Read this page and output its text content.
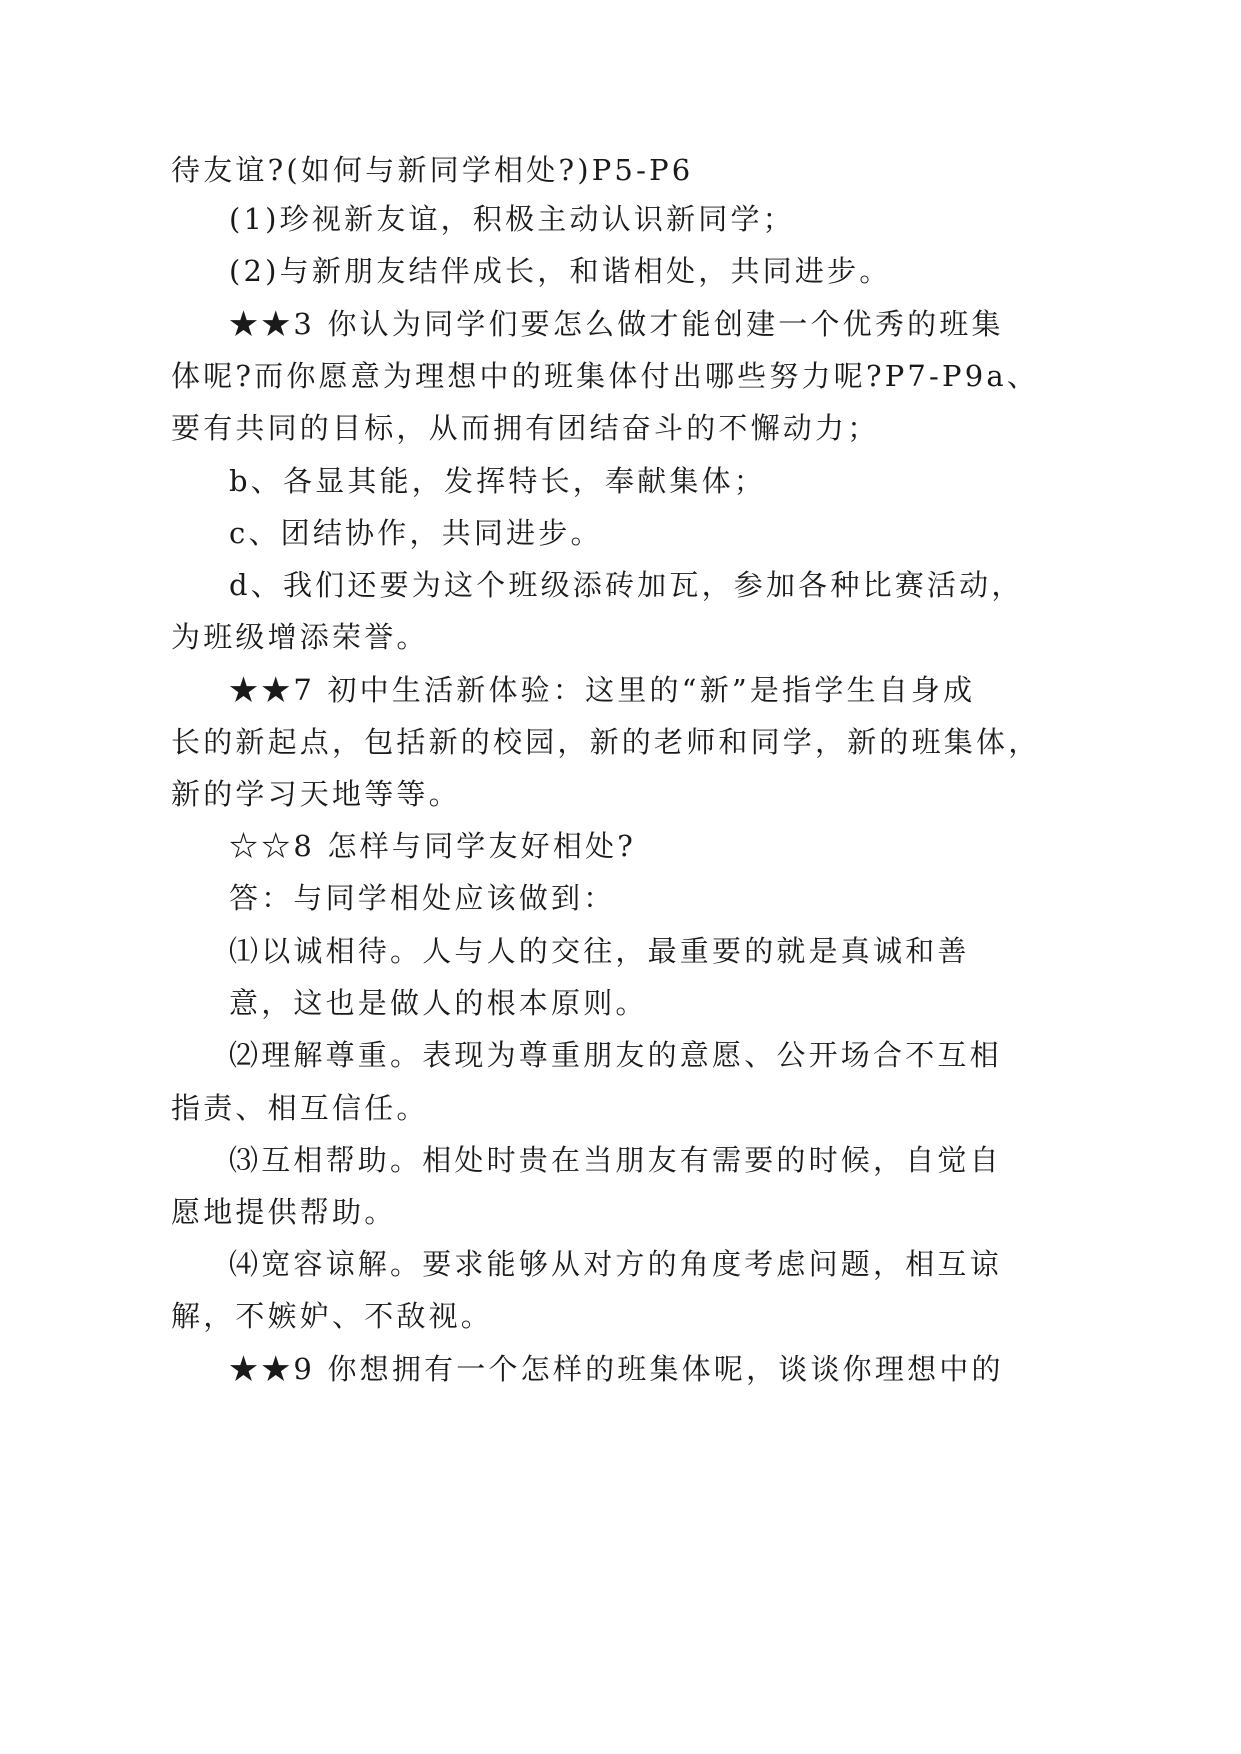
待友谊?(如何与新同学相处?)P5-P6
(1)珍视新友谊，积极主动认识新同学；
(2)与新朋友结伴成长，和谐相处，共同进步。
★★3 你认为同学们要怎么做才能创建一个优秀的班集
体呢?而你愿意为理想中的班集体付出哪些努力呢?P7-P9a、
要有共同的目标，从而拥有团结奋斗的不懈动力；
b、各显其能，发挥特长，奉献集体；
c、团结协作，共同进步。
d、我们还要为这个班级添砖加瓦，参加各种比赛活动，
为班级增添荣誉。
★★7 初中生活新体验：这里的“新”是指学生自身成
长的新起点，包括新的校园，新的老师和同学，新的班集体，
新的学习天地等等。
☆☆8 怎样与同学友好相处?
答：与同学相处应该做到：
⑴以诚相待。人与人的交往，最重要的就是真诚和善
意，这也是做人的根本原则。
⑵理解尊重。表现为尊重朋友的意愿、公开场合不互相
指责、相互信任。
⑶互相帮助。相处时贵在当朋友有需要的时候，自觉自
愿地提供帮助。
⑷宽容谅解。要求能够从对方的角度考虑问题，相互谅
解，不嫉妒、不敌视。
★★9 你想拥有一个怎样的班集体呢，谈谈你理想中的
